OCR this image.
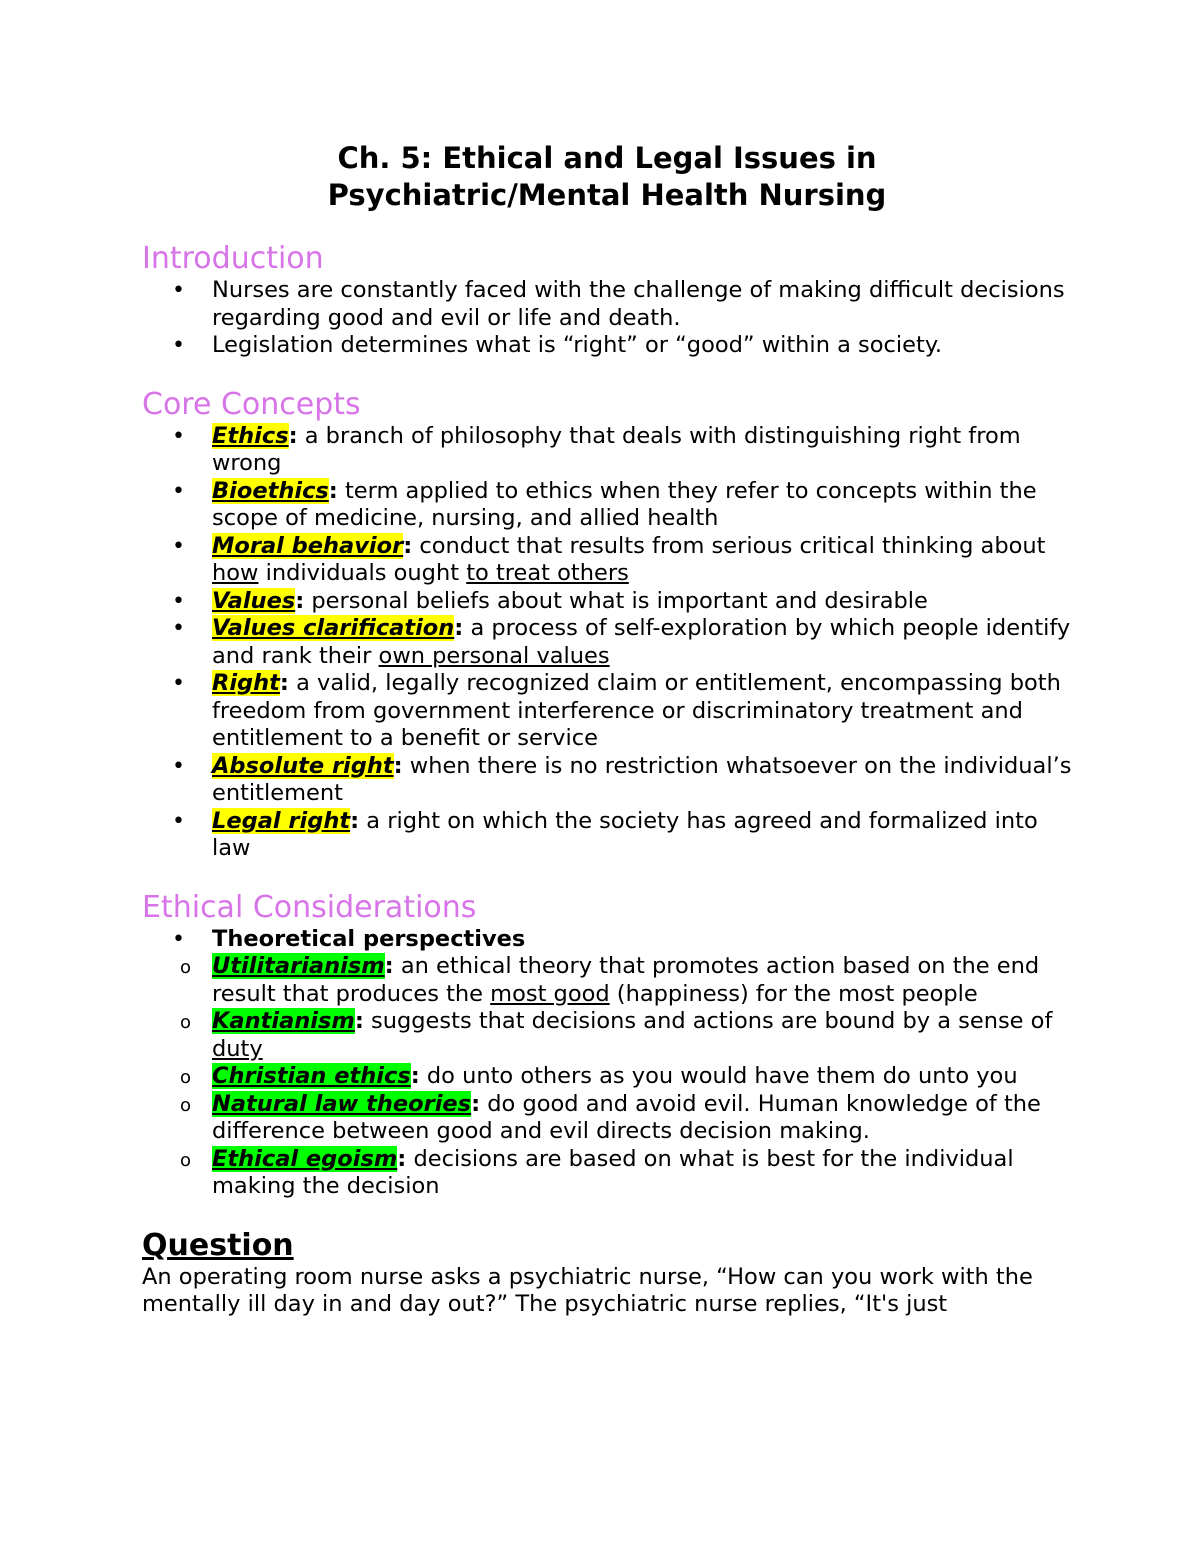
Ch. 5: Ethical and Legal Issues in
Psychiatric/Mental Health Nursing
Introduction
• Nurses are constantly faced with the challenge of making difficult decisions regarding good and evil or life and death.
• Legislation determines what is “right” or “good” within a society.
Core Concepts
• Ethics: a branch of philosophy that deals with distinguishing right from wrong
• Bioethics: term applied to ethics when they refer to concepts within the scope of medicine, nursing, and allied health
• Moral behavior: conduct that results from serious critical thinking about how individuals ought to treat others
• Values: personal beliefs about what is important and desirable
• Values clarification: a process of self-exploration by which people identify and rank their own personal values
• Right: a valid, legally recognized claim or entitlement, encompassing both freedom from government interference or discriminatory treatment and entitlement to a benefit or service
• Absolute right: when there is no restriction whatsoever on the individual’s entitlement
• Legal right: a right on which the society has agreed and formalized into law
Ethical Considerations
• Theoretical perspectives
o Utilitarianism: an ethical theory that promotes action based on the end result that produces the most good (happiness) for the most people
o Kantianism: suggests that decisions and actions are bound by a sense of duty
o Christian ethics: do unto others as you would have them do unto you
o Natural law theories: do good and avoid evil. Human knowledge of the difference between good and evil directs decision making.
o Ethical egoism: decisions are based on what is best for the individual making the decision
Question

An operating room nurse asks a psychiatric nurse, “How can you work with the mentally ill day in and day out?” The psychiatric nurse replies, “It's just
